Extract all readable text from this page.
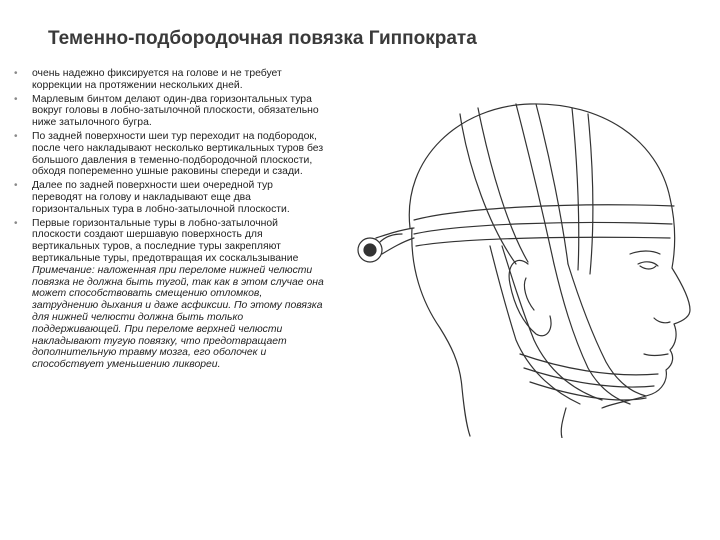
Теменно-подбородочная повязка Гиппократа
• очень надежно фиксируется на голове и не требует коррекции на протяжении нескольких дней.
• Марлевым бинтом делают один-два горизонтальных тура вокруг головы в лобно-затылочной плоскости, обязательно ниже затылочного бугра.
• По задней поверхности шеи тур переходит на подбородок, после чего накладывают несколько вертикальных туров без большого давления в теменно-подбородочной плоскости, обходя попеременно ушные раковины спереди и сзади.
• Далее по задней поверхности шеи очередной тур переводят на голову и накладывают еще два горизонтальных тура в лобно-затылочной плоскости.
• Первые горизонтальные туры в лобно-затылочной плоскости создают шершавую поверхность для вертикальных туров, а последние туры закрепляют вертикальные туры, предотвращая их соскальзывание Примечание: наложенная при переломе нижней челюсти повязка не должна быть тугой, так как в этом случае она может способствовать смещению отломков, затруднению дыхания и даже асфиксии. По этому повязка для нижней челюсти должна быть только поддерживающей. При переломе верхней челюсти накладывают тугую повязку, что предотвращает дополнительную травму мозга, его оболочек и способствует уменьшению ликвореи.
